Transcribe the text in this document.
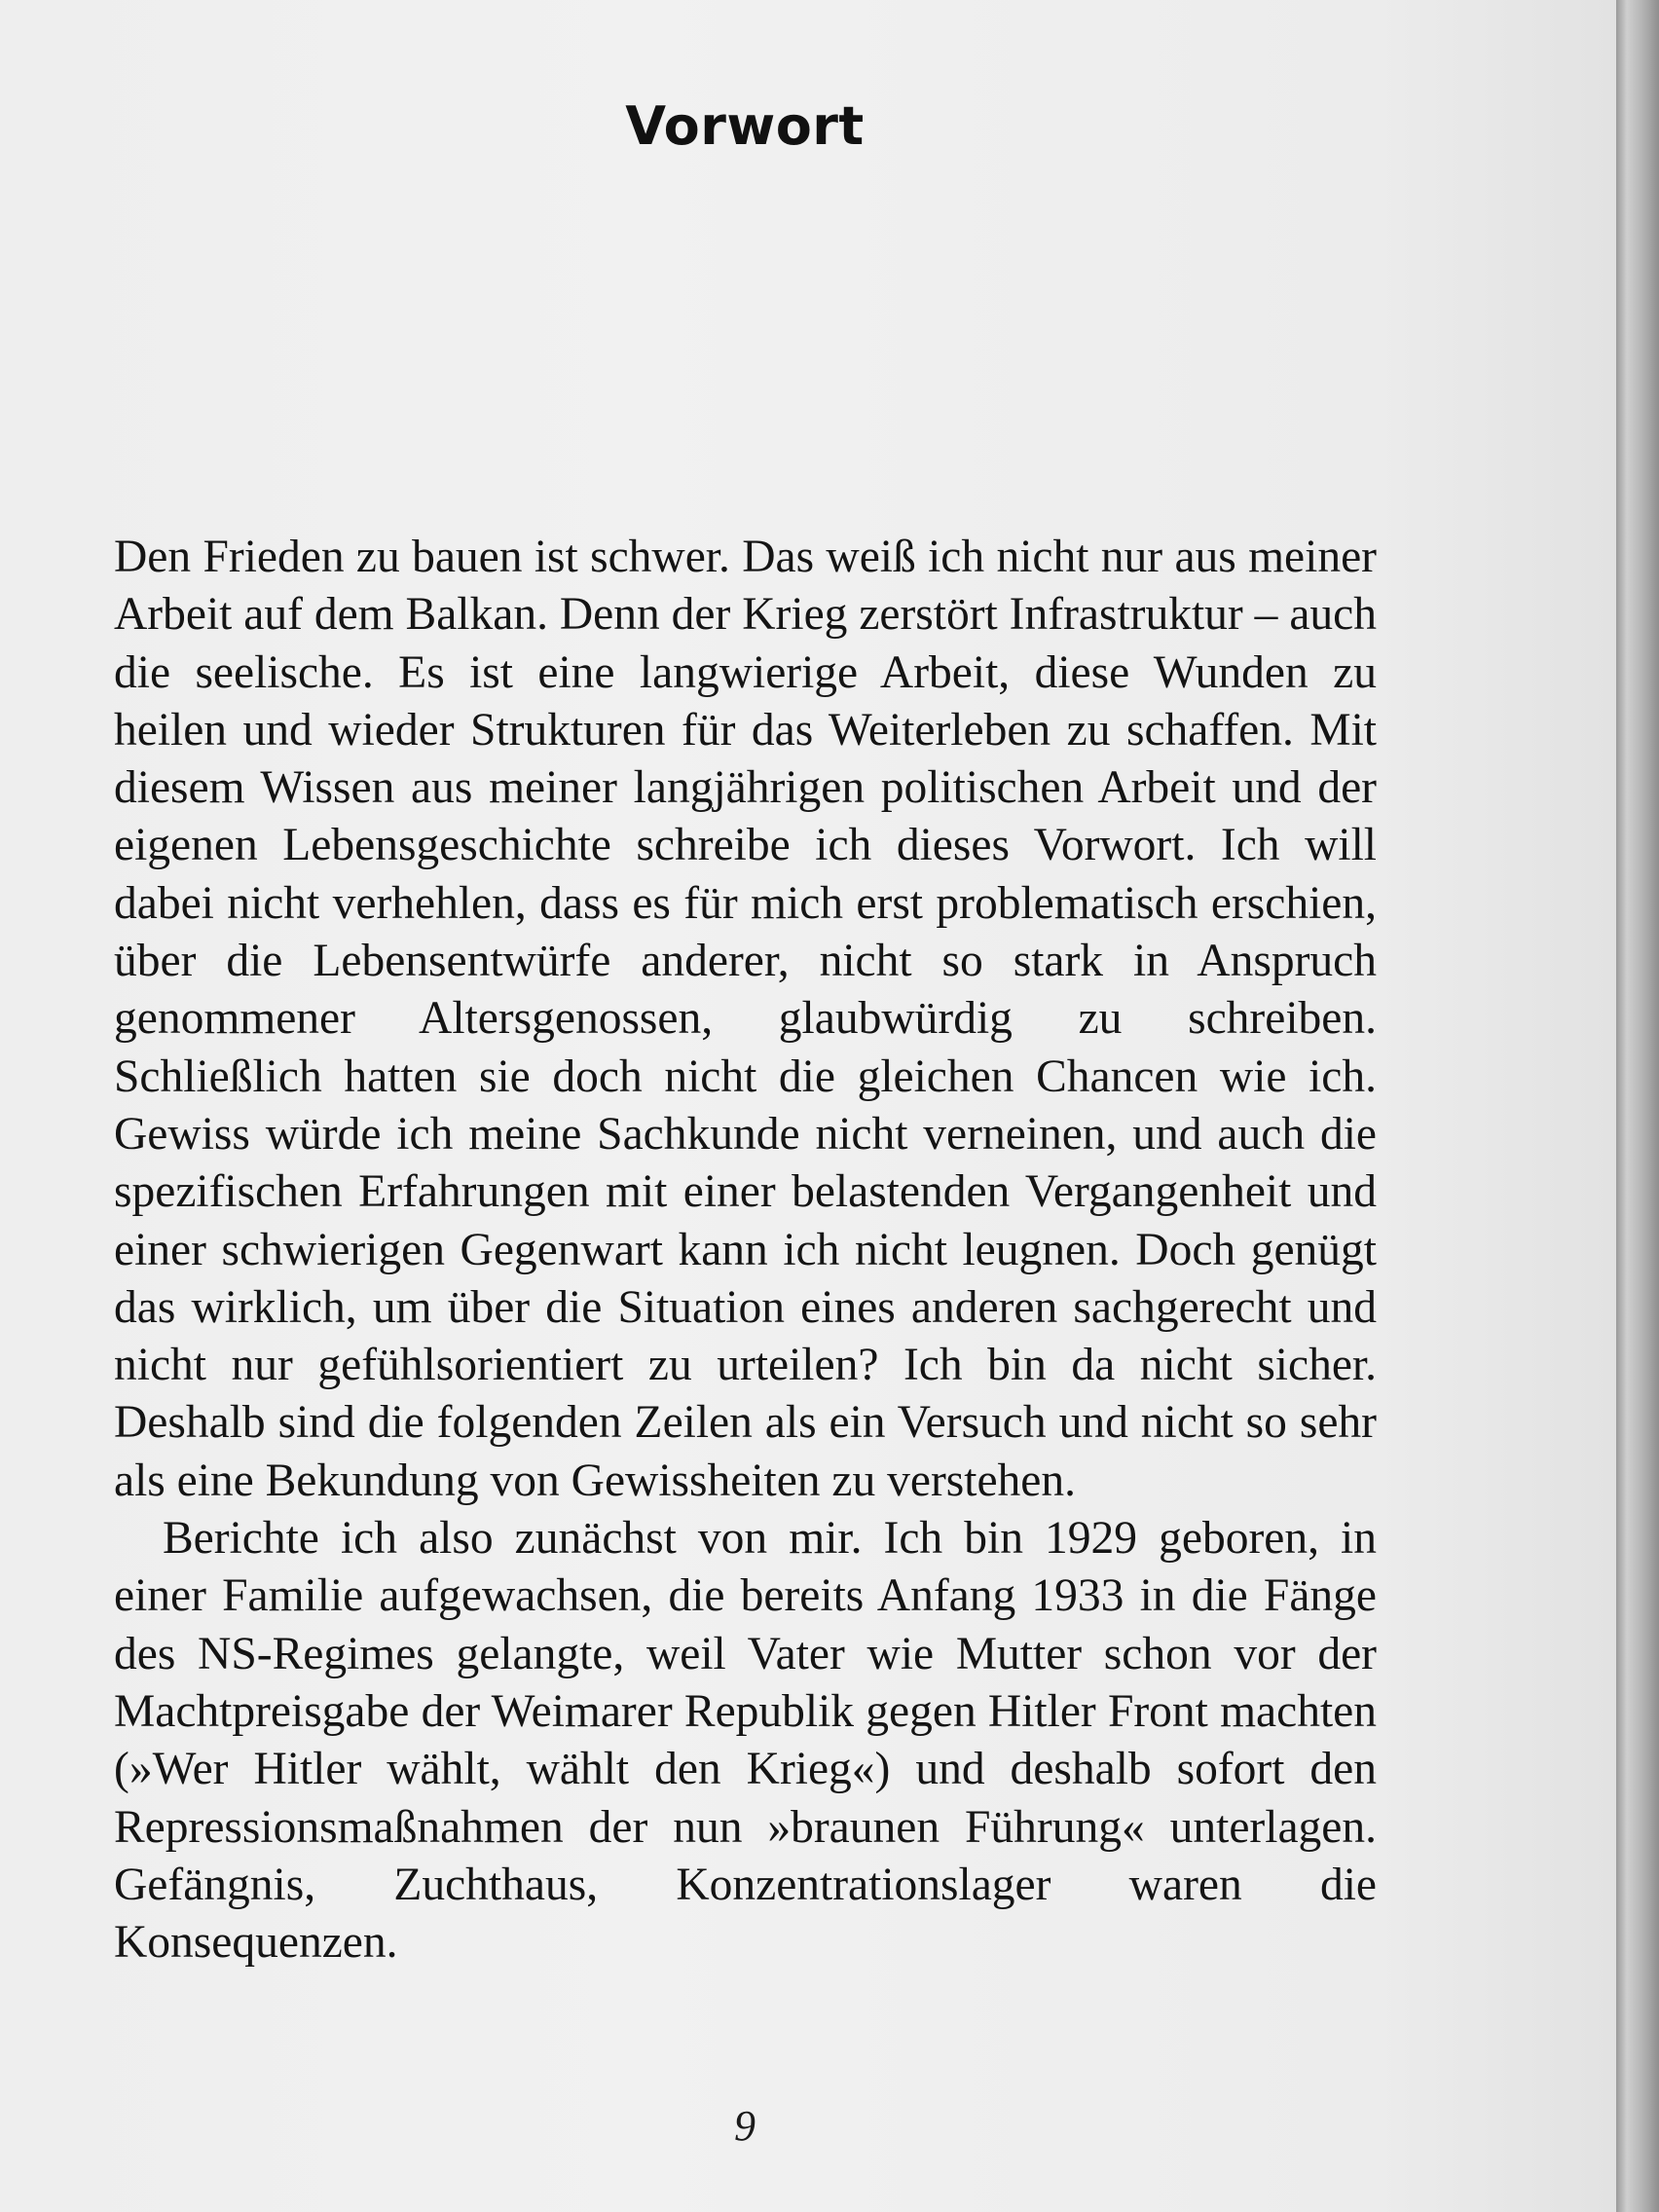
Vorwort

Den Frieden zu bauen ist schwer. Das weiß ich nicht nur aus meiner Arbeit auf dem Balkan. Denn der Krieg zerstört Infrastruktur – auch die seelische. Es ist eine langwierige Arbeit, diese Wunden zu heilen und wieder Strukturen für das Weiterleben zu schaffen. Mit diesem Wissen aus meiner langjährigen politischen Arbeit und der eigenen Lebensgeschichte schreibe ich dieses Vorwort. Ich will dabei nicht verhehlen, dass es für mich erst problematisch erschien, über die Lebensentwürfe anderer, nicht so stark in Anspruch genommener Altersgenossen, glaubwürdig zu schreiben. Schließlich hatten sie doch nicht die gleichen Chancen wie ich. Gewiss würde ich meine Sachkunde nicht verneinen, und auch die spezifischen Erfahrungen mit einer belastenden Vergangenheit und einer schwierigen Gegenwart kann ich nicht leugnen. Doch genügt das wirklich, um über die Situation eines anderen sachgerecht und nicht nur gefühlsorientiert zu urteilen? Ich bin da nicht sicher. Deshalb sind die folgenden Zeilen als ein Versuch und nicht so sehr als eine Bekundung von Gewissheiten zu verstehen.

Berichte ich also zunächst von mir. Ich bin 1929 geboren, in einer Familie aufgewachsen, die bereits Anfang 1933 in die Fänge des NS-Regimes gelangte, weil Vater wie Mutter schon vor der Machtpreisgabe der Weimarer Republik gegen Hitler Front machten (»Wer Hitler wählt, wählt den Krieg«) und deshalb sofort den Repressionsmaßnahmen der nun »braunen Führung« unterlagen. Gefängnis, Zuchthaus, Konzentrationslager waren die Konsequenzen.

9
